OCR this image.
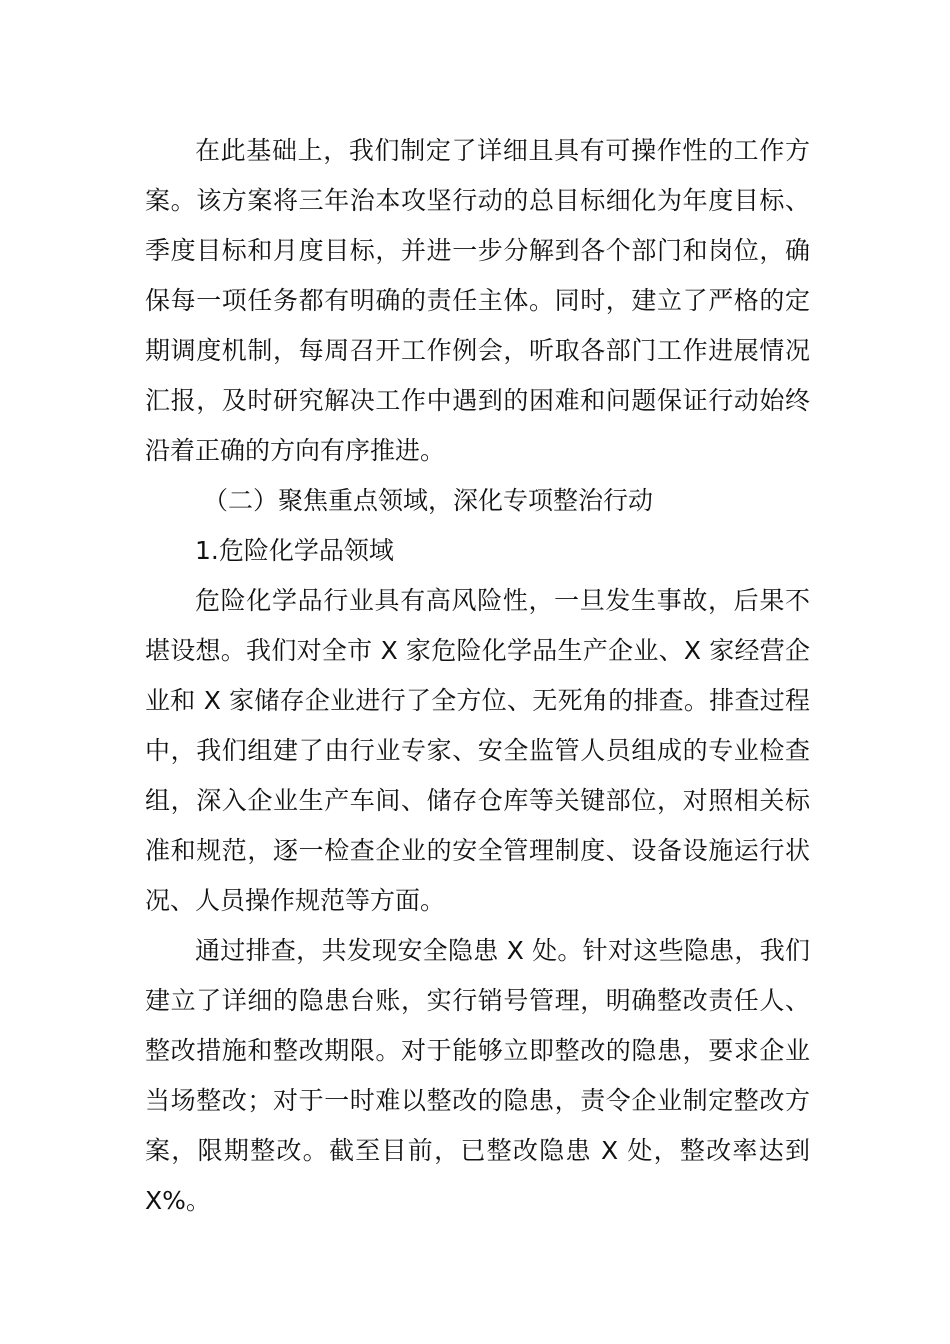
在此基础上，我们制定了详细且具有可操作性的工作方案。该方案将三年治本攻坚行动的总目标细化为年度目标、季度目标和月度目标，并进一步分解到各个部门和岗位，确保每一项任务都有明确的责任主体。同时，建立了严格的定期调度机制，每周召开工作例会，听取各部门工作进展情况汇报，及时研究解决工作中遇到的困难和问题保证行动始终沿着正确的方向有序推进。

（二）聚焦重点领域，深化专项整治行动

1.危险化学品领域

危险化学品行业具有高风险性，一旦发生事故，后果不堪设想。我们对全市 X 家危险化学品生产企业、X 家经营企业和 X 家储存企业进行了全方位、无死角的排查。排查过程中，我们组建了由行业专家、安全监管人员组成的专业检查组，深入企业生产车间、储存仓库等关键部位，对照相关标准和规范，逐一检查企业的安全管理制度、设备设施运行状况、人员操作规范等方面。

通过排查，共发现安全隐患 X 处。针对这些隐患，我们建立了详细的隐患台账，实行销号管理，明确整改责任人、整改措施和整改期限。对于能够立即整改的隐患，要求企业当场整改；对于一时难以整改的隐患，责令企业制定整改方案，限期整改。截至目前，已整改隐患 X 处，整改率达到 X%。
